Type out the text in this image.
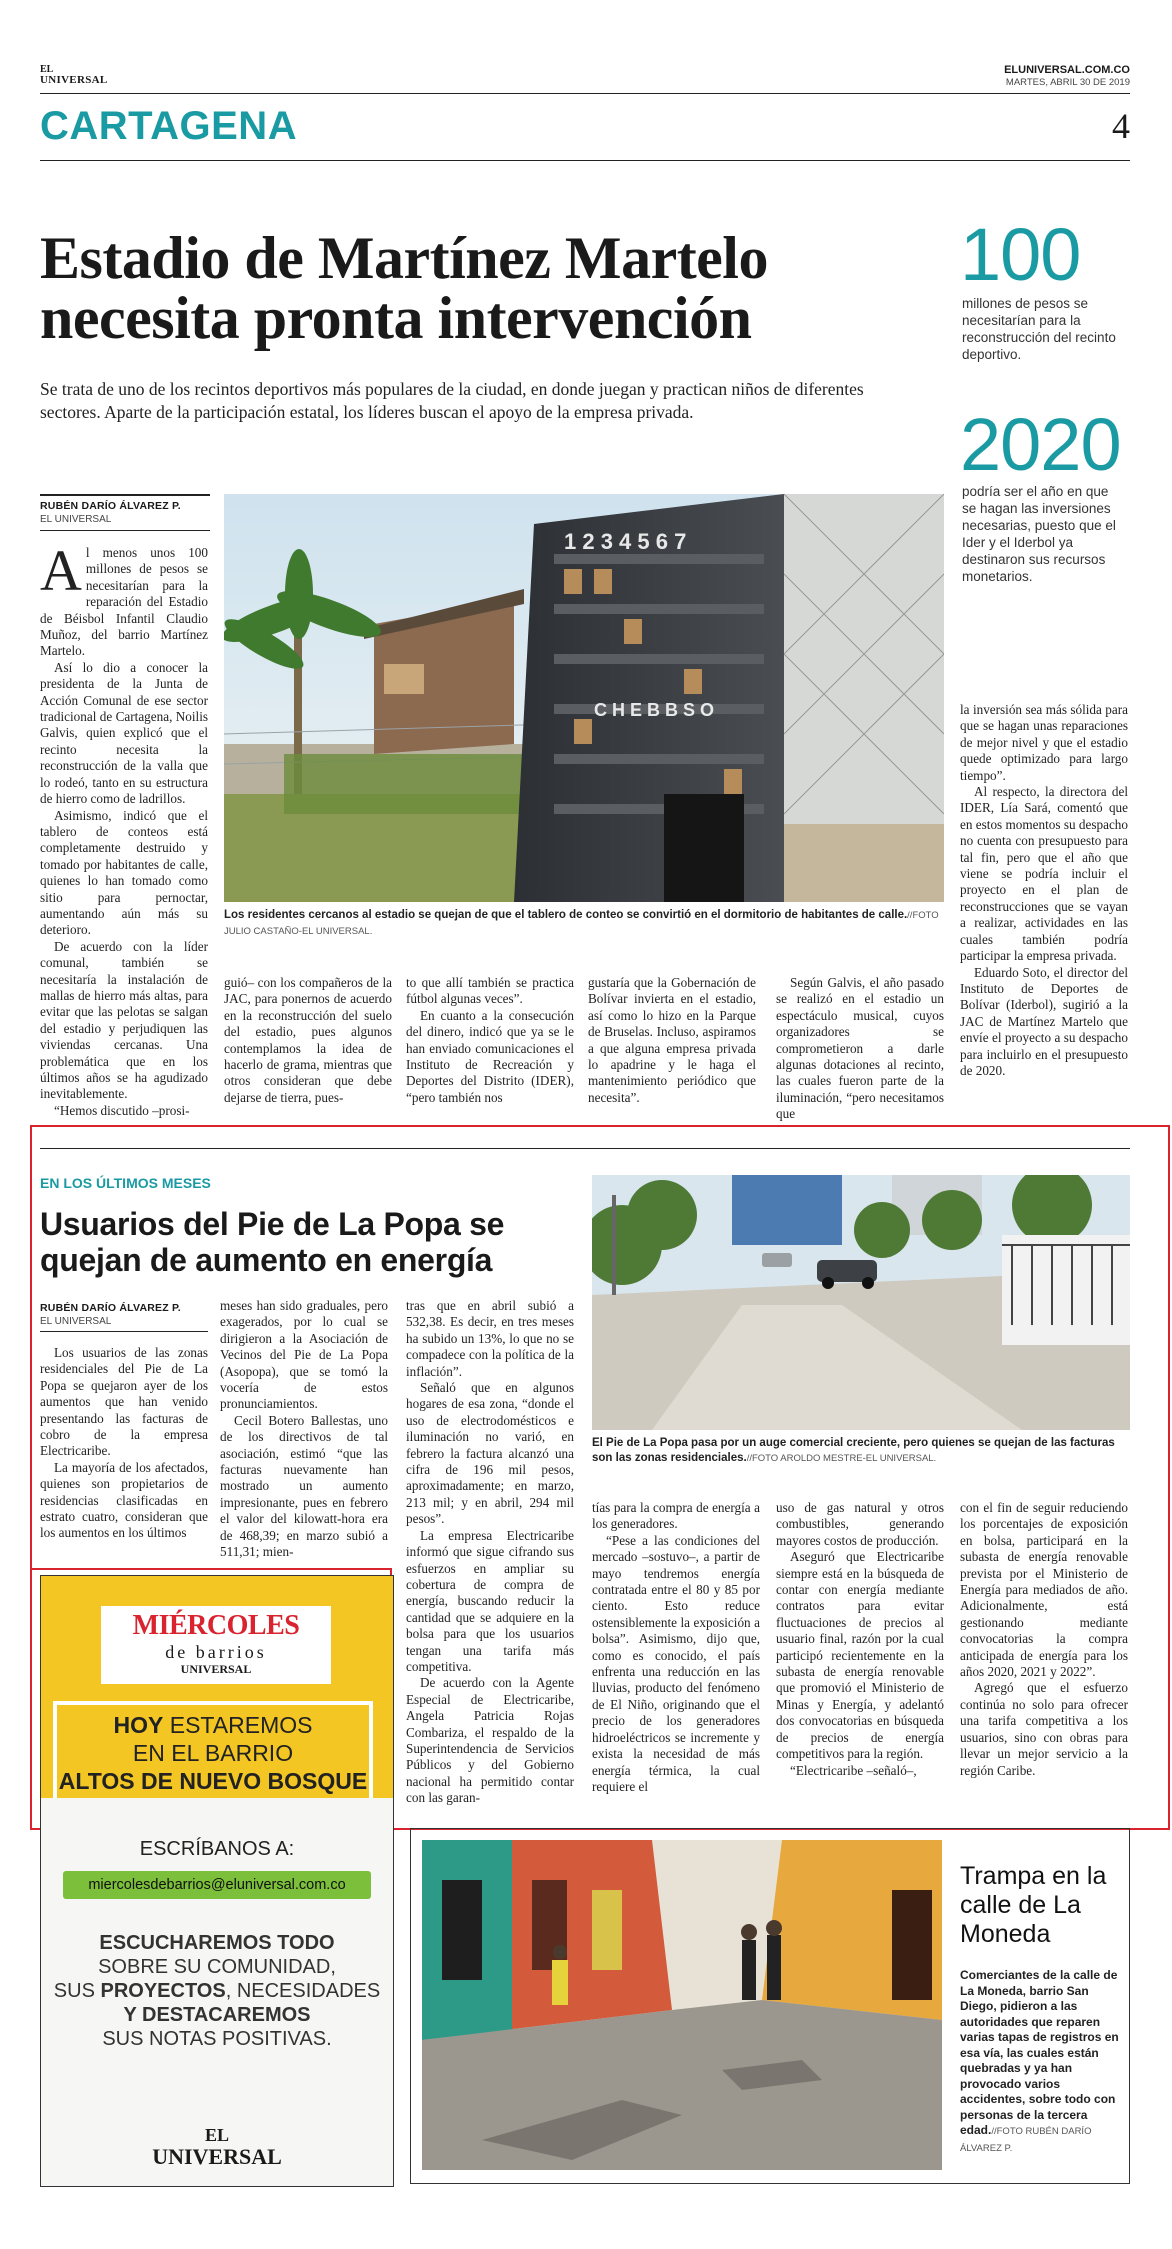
EL
UNIVERSAL
ELUNIVERSAL.COM.CO
MARTES, ABRIL 30 DE 2019
CARTAGENA	4
Estadio de Martínez Martelo
necesita pronta intervención
Se trata de uno de los recintos deportivos más populares de la ciudad, en donde juegan y practican niños de diferentes sectores. Aparte de la participación estatal, los líderes buscan el apoyo de la empresa privada.
100
millones de pesos se necesitarían para la reconstrucción del recinto deportivo.
2020
podría ser el año en que se hagan las inversiones necesarias, puesto que el Ider y el Iderbol ya destinaron sus recursos monetarios.
RUBÉN DARÍO ÁLVAREZ P.
EL UNIVERSAL

Al menos unos 100 millones de pesos se necesitarían para la reparación del Estadio de Béisbol Infantil Claudio Muñoz, del barrio Martínez Martelo.

Así lo dio a conocer la presidenta de la Junta de Acción Comunal de ese sector tradicional de Cartagena, Noilis Galvis, quien explicó que el recinto necesita la reconstrucción de la valla que lo rodeó, tanto en su estructura de hierro como de ladrillos.

Asimismo, indicó que el tablero de conteos está completamente destruido y tomado por habitantes de calle, quienes lo han tomado como sitio para pernoctar, aumentando aún más su deterioro.

De acuerdo con la líder comunal, también se necesitaría la instalación de mallas de hierro más altas, para evitar que las pelotas se salgan del estadio y perjudiquen las viviendas cercanas. Una problemática que en los últimos años se ha agudizado inevitablemente.

“Hemos discutido –prosi-

1 2 3 4 5 6 7
C H E B B S O
Los residentes cercanos al estadio se quejan de que el tablero de conteo se convirtió en el dormitorio de habitantes de calle.//FOTO JULIO CASTAÑO-EL UNIVERSAL.

guió– con los compañeros de la JAC, para ponernos de acuerdo en la reconstrucción del suelo del estadio, pues algunos contemplamos la idea de hacerlo de grama, mientras que otros consideran que debe dejarse de tierra, pues-

to que allí también se practica fútbol algunas veces”.

En cuanto a la consecución del dinero, indicó que ya se le han enviado comunicaciones el Instituto de Recreación y Deportes del Distrito (IDER), “pero también nos

gustaría que la Gobernación de Bolívar invierta en el estadio, así como lo hizo en la Parque de Bruselas. Incluso, aspiramos a que alguna empresa privada lo apadrine y le haga el mantenimiento periódico que necesita”.

Según Galvis, el año pasado se realizó en el estadio un espectáculo musical, cuyos organizadores se comprometieron a darle algunas dotaciones al recinto, las cuales fueron parte de la iluminación, “pero necesitamos que

la inversión sea más sólida para que se hagan unas reparaciones de mejor nivel y que el estadio quede optimizado para largo tiempo”.

Al respecto, la directora del IDER, Lía Sará, comentó que en estos momentos su despacho no cuenta con presupuesto para tal fin, pero que el año que viene se podría incluir el proyecto en el plan de reconstrucciones que se vayan a realizar, actividades en las cuales también podría participar la empresa privada.

Eduardo Soto, el director del Instituto de Deportes de Bolívar (Iderbol), sugirió a la JAC de Martínez Martelo que envíe el proyecto a su despacho para incluirlo en el presupuesto de 2020.

EN LOS ÚLTIMOS MESES
Usuarios del Pie de La Popa se
quejan de aumento en energía
RUBÉN DARÍO ÁLVAREZ P.
EL UNIVERSAL

Los usuarios de las zonas residenciales del Pie de La Popa se quejaron ayer de los aumentos que han venido presentando las facturas de cobro de la empresa Electricaribe.

La mayoría de los afectados, quienes son propietarios de residencias clasificadas en estrato cuatro, consideran que los aumentos en los últimos

meses han sido graduales, pero exagerados, por lo cual se dirigieron a la Asociación de Vecinos del Pie de La Popa (Asopopa), que se tomó la vocería de estos pronunciamientos.

Cecil Botero Ballestas, uno de los directivos de tal asociación, estimó “que las facturas nuevamente han mostrado un aumento impresionante, pues en febrero el valor del kilowatt-hora era de 468,39; en marzo subió a 511,31; mien-

tras que en abril subió a 532,38. Es decir, en tres meses ha subido un 13%, lo que no se compadece con la política de la inflación”.

Señaló que en algunos hogares de esa zona, “donde el uso de electrodomésticos e iluminación no varió, en febrero la factura alcanzó una cifra de 196 mil pesos, aproximadamente; en marzo, 213 mil; y en abril, 294 mil pesos”.

La empresa Electricaribe informó que sigue cifrando sus esfuerzos en ampliar su cobertura de compra de energía, buscando reducir la cantidad que se adquiere en la bolsa para que los usuarios tengan una tarifa más competitiva.

De acuerdo con la Agente Especial de Electricaribe, Angela Patricia Rojas Combariza, el respaldo de la Superintendencia de Servicios Públicos y del Gobierno nacional ha permitido contar con las garan-

El Pie de La Popa pasa por un auge comercial creciente, pero quienes se quejan de las facturas son las zonas residenciales.//FOTO AROLDO MESTRE-EL UNIVERSAL.

tías para la compra de energía a los generadores.

“Pese a las condiciones del mercado –sostuvo–, a partir de mayo tendremos energía contratada entre el 80 y 85 por ciento. Esto reduce ostensiblemente la exposición a bolsa”. Asimismo, dijo que, como es conocido, el país enfrenta una reducción en las lluvias, producto del fenómeno de El Niño, originando que el precio de los generadores hidroeléctricos se incremente y exista la necesidad de más energía térmica, la cual requiere el

uso de gas natural y otros combustibles, generando mayores costos de producción.

Aseguró que Electricaribe siempre está en la búsqueda de contar con energía mediante contratos para evitar fluctuaciones de precios al usuario final, razón por la cual participó recientemente en la subasta de energía renovable que promovió el Ministerio de Minas y Energía, y adelantó dos convocatorias en búsqueda de precios de energía competitivos para la región.

“Electricaribe –señaló–,

con el fin de seguir reduciendo los porcentajes de exposición en bolsa, participará en la subasta de energía renovable prevista por el Ministerio de Energía para mediados de año. Adicionalmente, está gestionando mediante convocatorias la compra anticipada de energía para los años 2020, 2021 y 2022”.

Agregó que el esfuerzo continúa no solo para ofrecer una tarifa competitiva a los usuarios, sino con obras para llevar un mejor servicio a la región Caribe.

MIÉRCOLES
de barrios
UNIVERSAL
HOY ESTAREMOS
EN EL BARRIO
ALTOS DE NUEVO BOSQUE
ESCRÍBANOS A:
miercolesdebarrios@eluniversal.com.co
ESCUCHAREMOS TODO
SOBRE SU COMUNIDAD,
SUS PROYECTOS, NECESIDADES
Y DESTACAREMOS
SUS NOTAS POSITIVAS.
EL
UNIVERSAL
Trampa en la calle de La Moneda
Comerciantes de la calle de La Moneda, barrio San Diego, pidieron a las autoridades que reparen varias tapas de registros en esa vía, las cuales están quebradas y ya han provocado varios accidentes, sobre todo con personas de la tercera edad.//FOTO RUBÉN DARÍO ÁLVAREZ P.
